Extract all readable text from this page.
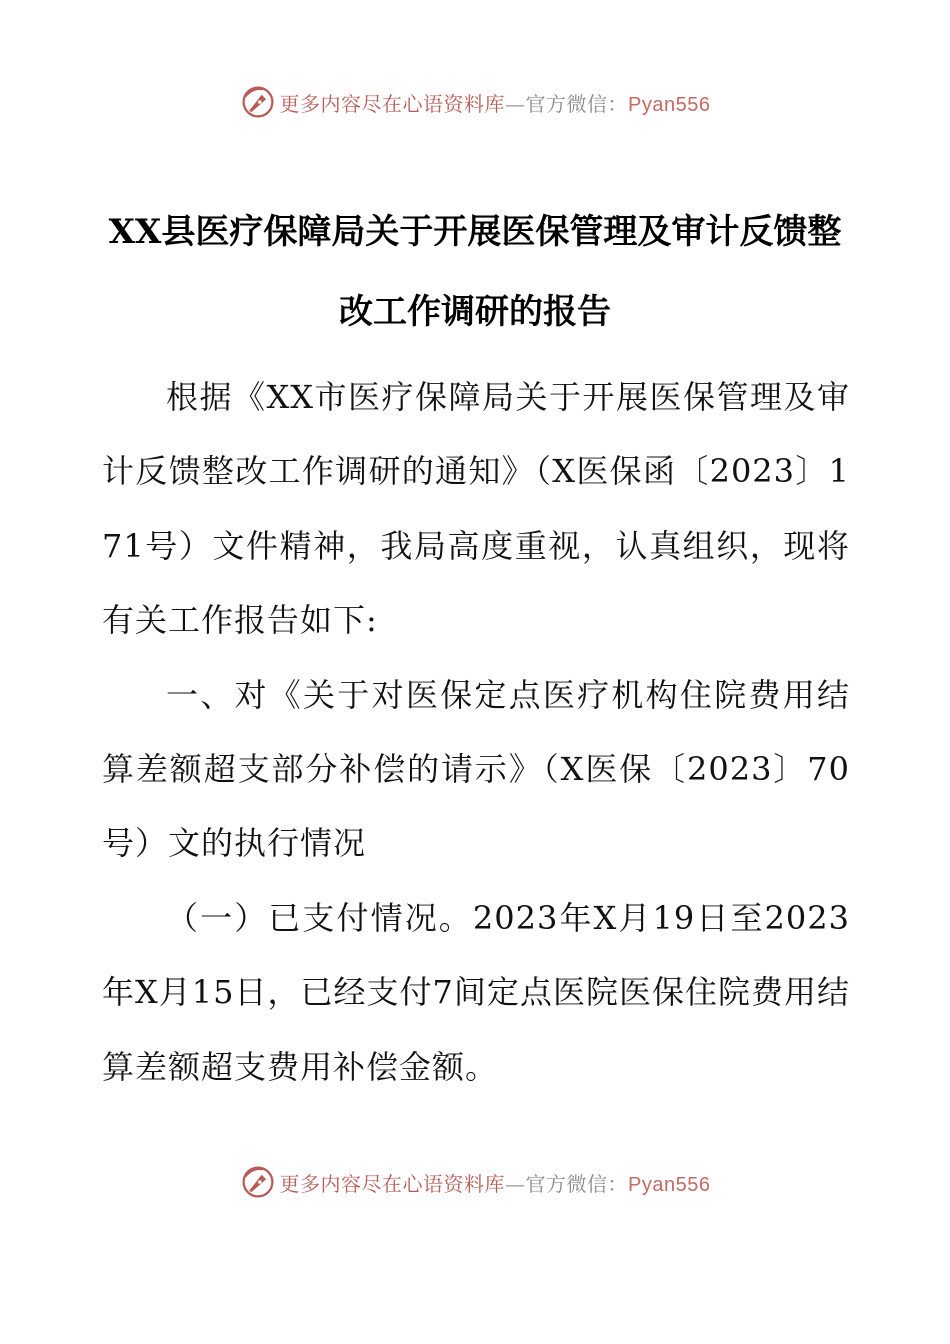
更多内容尽在心语资料库—官方微信：Pyan556
XX县医疗保障局关于开展医保管理及审计反馈整改工作调研的报告

根据《XX市医疗保障局关于开展医保管理及审计反馈整改工作调研的通知》（X医保函〔2023〕171号）文件精神，我局高度重视，认真组织，现将有关工作报告如下:

一、对《关于对医保定点医疗机构住院费用结算差额超支部分补偿的请示》（X医保〔2023〕70号）文的执行情况

（一）已支付情况。2023年X月19日至2023年X月15日，已经支付7间定点医院医保住院费用结算差额超支费用补偿金额。

更多内容尽在心语资料库—官方微信：Pyan556
